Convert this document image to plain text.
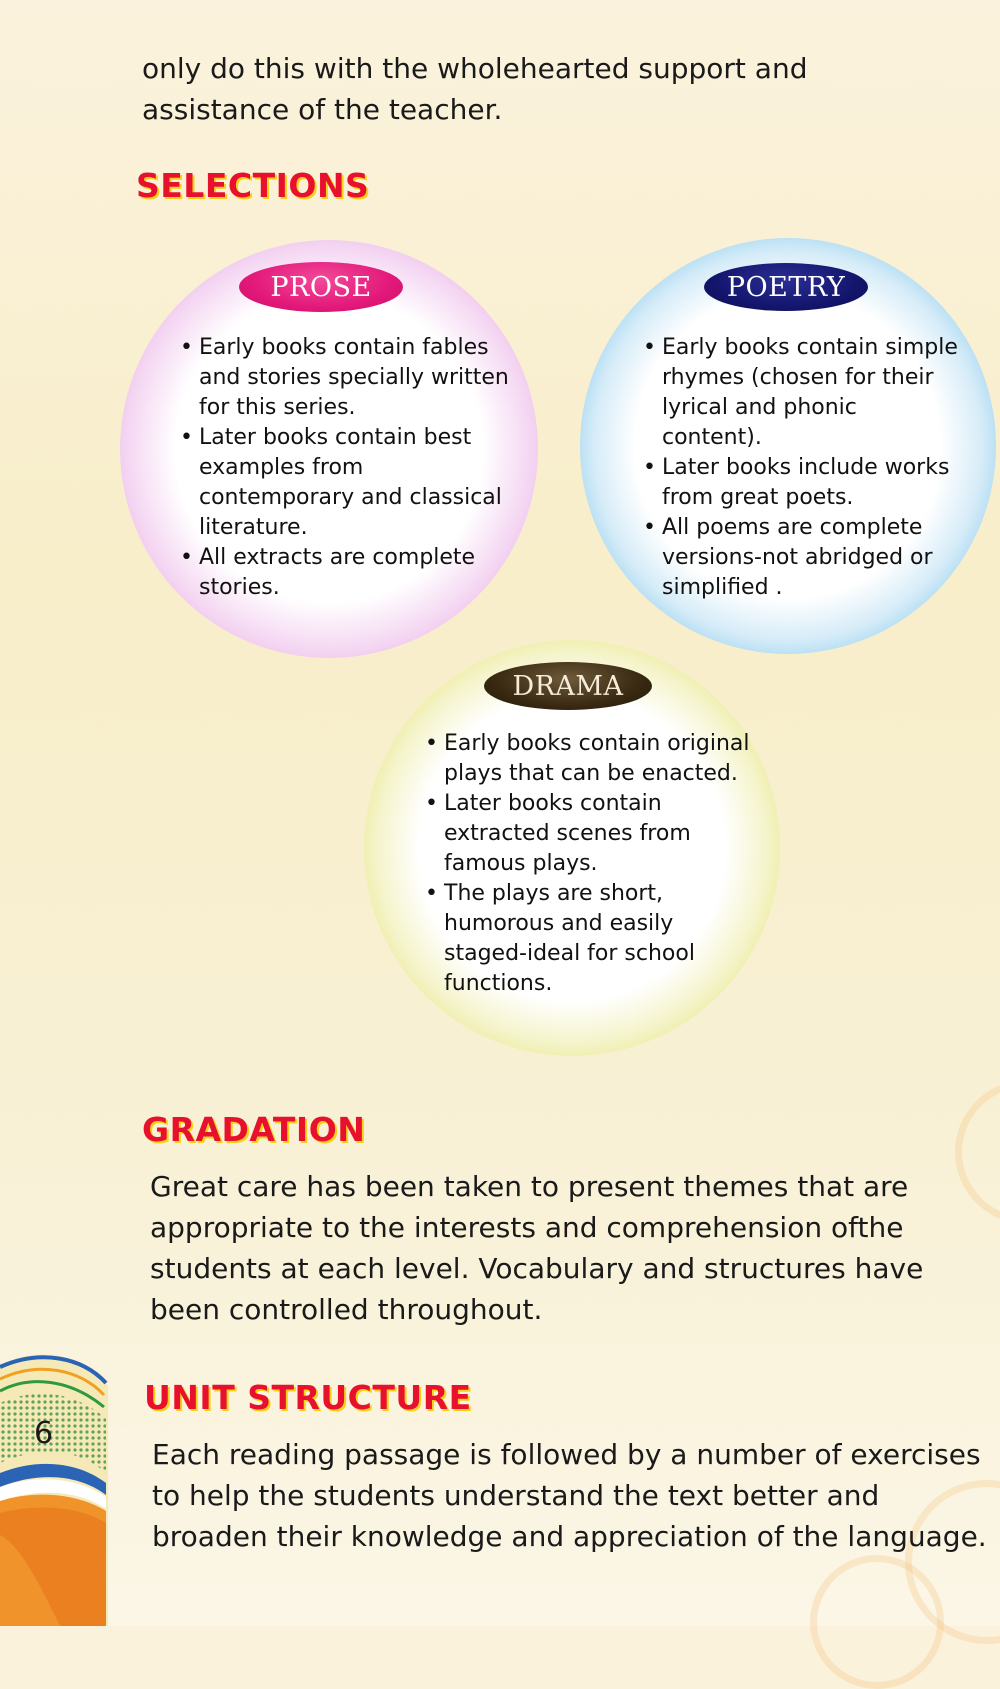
only do this with the wholehearted support and assistance of the teacher.
SELECTIONS
PROSE
• Early books contain fables and stories specially written for this series.
• Later books contain best examples from contemporary and classical literature.
• All extracts are complete stories.
POETRY
• Early books contain simple rhymes (chosen for their lyrical and phonic content).
• Later books include works from great poets.
• All poems are complete versions-not abridged or simplified .
DRAMA
• Early books contain original plays that can be enacted.
• Later books contain extracted scenes from famous plays.
• The plays are short, humorous and easily staged-ideal for school functions.
GRADATION
Great care has been taken to present themes that are appropriate to the interests and comprehension ofthe students at each level. Vocabulary and structures have been controlled throughout.
UNIT STRUCTURE
Each reading passage is followed by a number of exercises to help the students understand the text better and broaden their knowledge and appreciation of the language.
6
